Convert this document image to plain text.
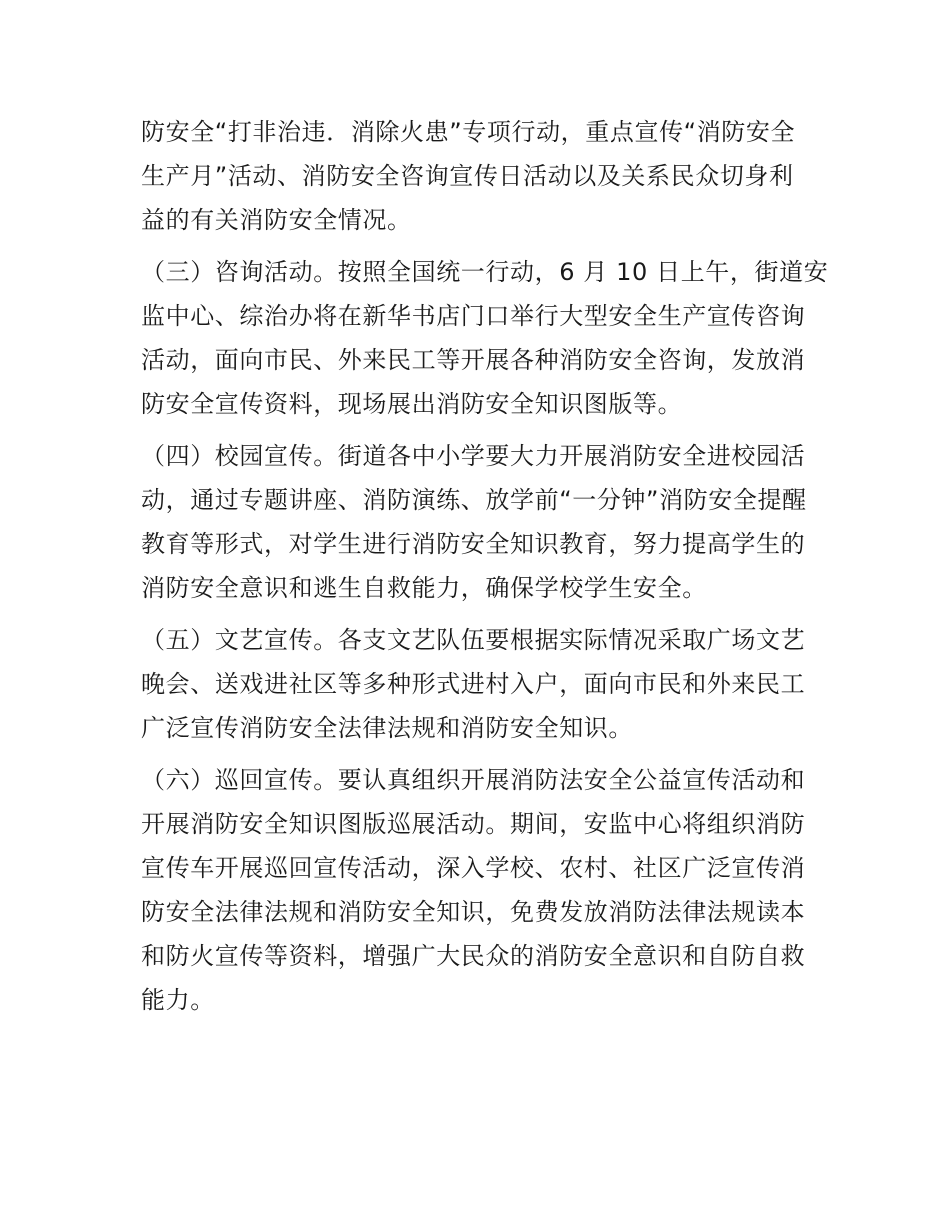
防安全“打非治违．消除火患”专项行动，重点宣传“消防安全
生产月”活动、消防安全咨询宣传日活动以及关系民众切身利
益的有关消防安全情况。

（三）咨询活动。按照全国统一行动，6 月 10 日上午，街道安
监中心、综治办将在新华书店门口举行大型安全生产宣传咨询
活动，面向市民、外来民工等开展各种消防安全咨询，发放消
防安全宣传资料，现场展出消防安全知识图版等。

（四）校园宣传。街道各中小学要大力开展消防安全进校园活
动，通过专题讲座、消防演练、放学前“一分钟”消防安全提醒
教育等形式，对学生进行消防安全知识教育，努力提高学生的
消防安全意识和逃生自救能力，确保学校学生安全。

（五）文艺宣传。各支文艺队伍要根据实际情况采取广场文艺
晚会、送戏进社区等多种形式进村入户，面向市民和外来民工
广泛宣传消防安全法律法规和消防安全知识。

（六）巡回宣传。要认真组织开展消防法安全公益宣传活动和
开展消防安全知识图版巡展活动。期间，安监中心将组织消防
宣传车开展巡回宣传活动，深入学校、农村、社区广泛宣传消
防安全法律法规和消防安全知识，免费发放消防法律法规读本
和防火宣传等资料，增强广大民众的消防安全意识和自防自救
能力。
